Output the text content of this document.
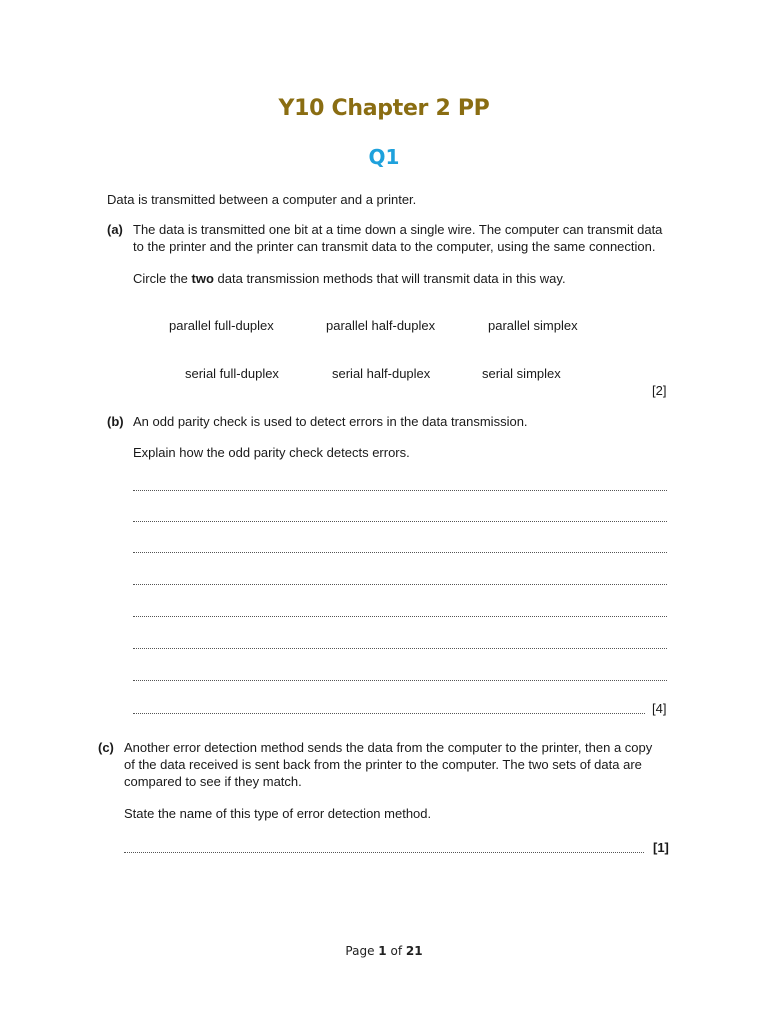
Y10 Chapter 2 PP
Q1
Data is transmitted between a computer and a printer.
(a) The data is transmitted one bit at a time down a single wire. The computer can transmit data
to the printer and the printer can transmit data to the computer, using the same connection.
Circle the two data transmission methods that will transmit data in this way.
parallel full-duplex	parallel half-duplex	parallel simplex
serial full-duplex	serial half-duplex	serial simplex
[2]
(b) An odd parity check is used to detect errors in the data transmission.
Explain how the odd parity check detects errors.
[4]
(c) Another error detection method sends the data from the computer to the printer, then a copy
of the data received is sent back from the printer to the computer. The two sets of data are
compared to see if they match.
State the name of this type of error detection method.
[1]
Page 1 of 21
